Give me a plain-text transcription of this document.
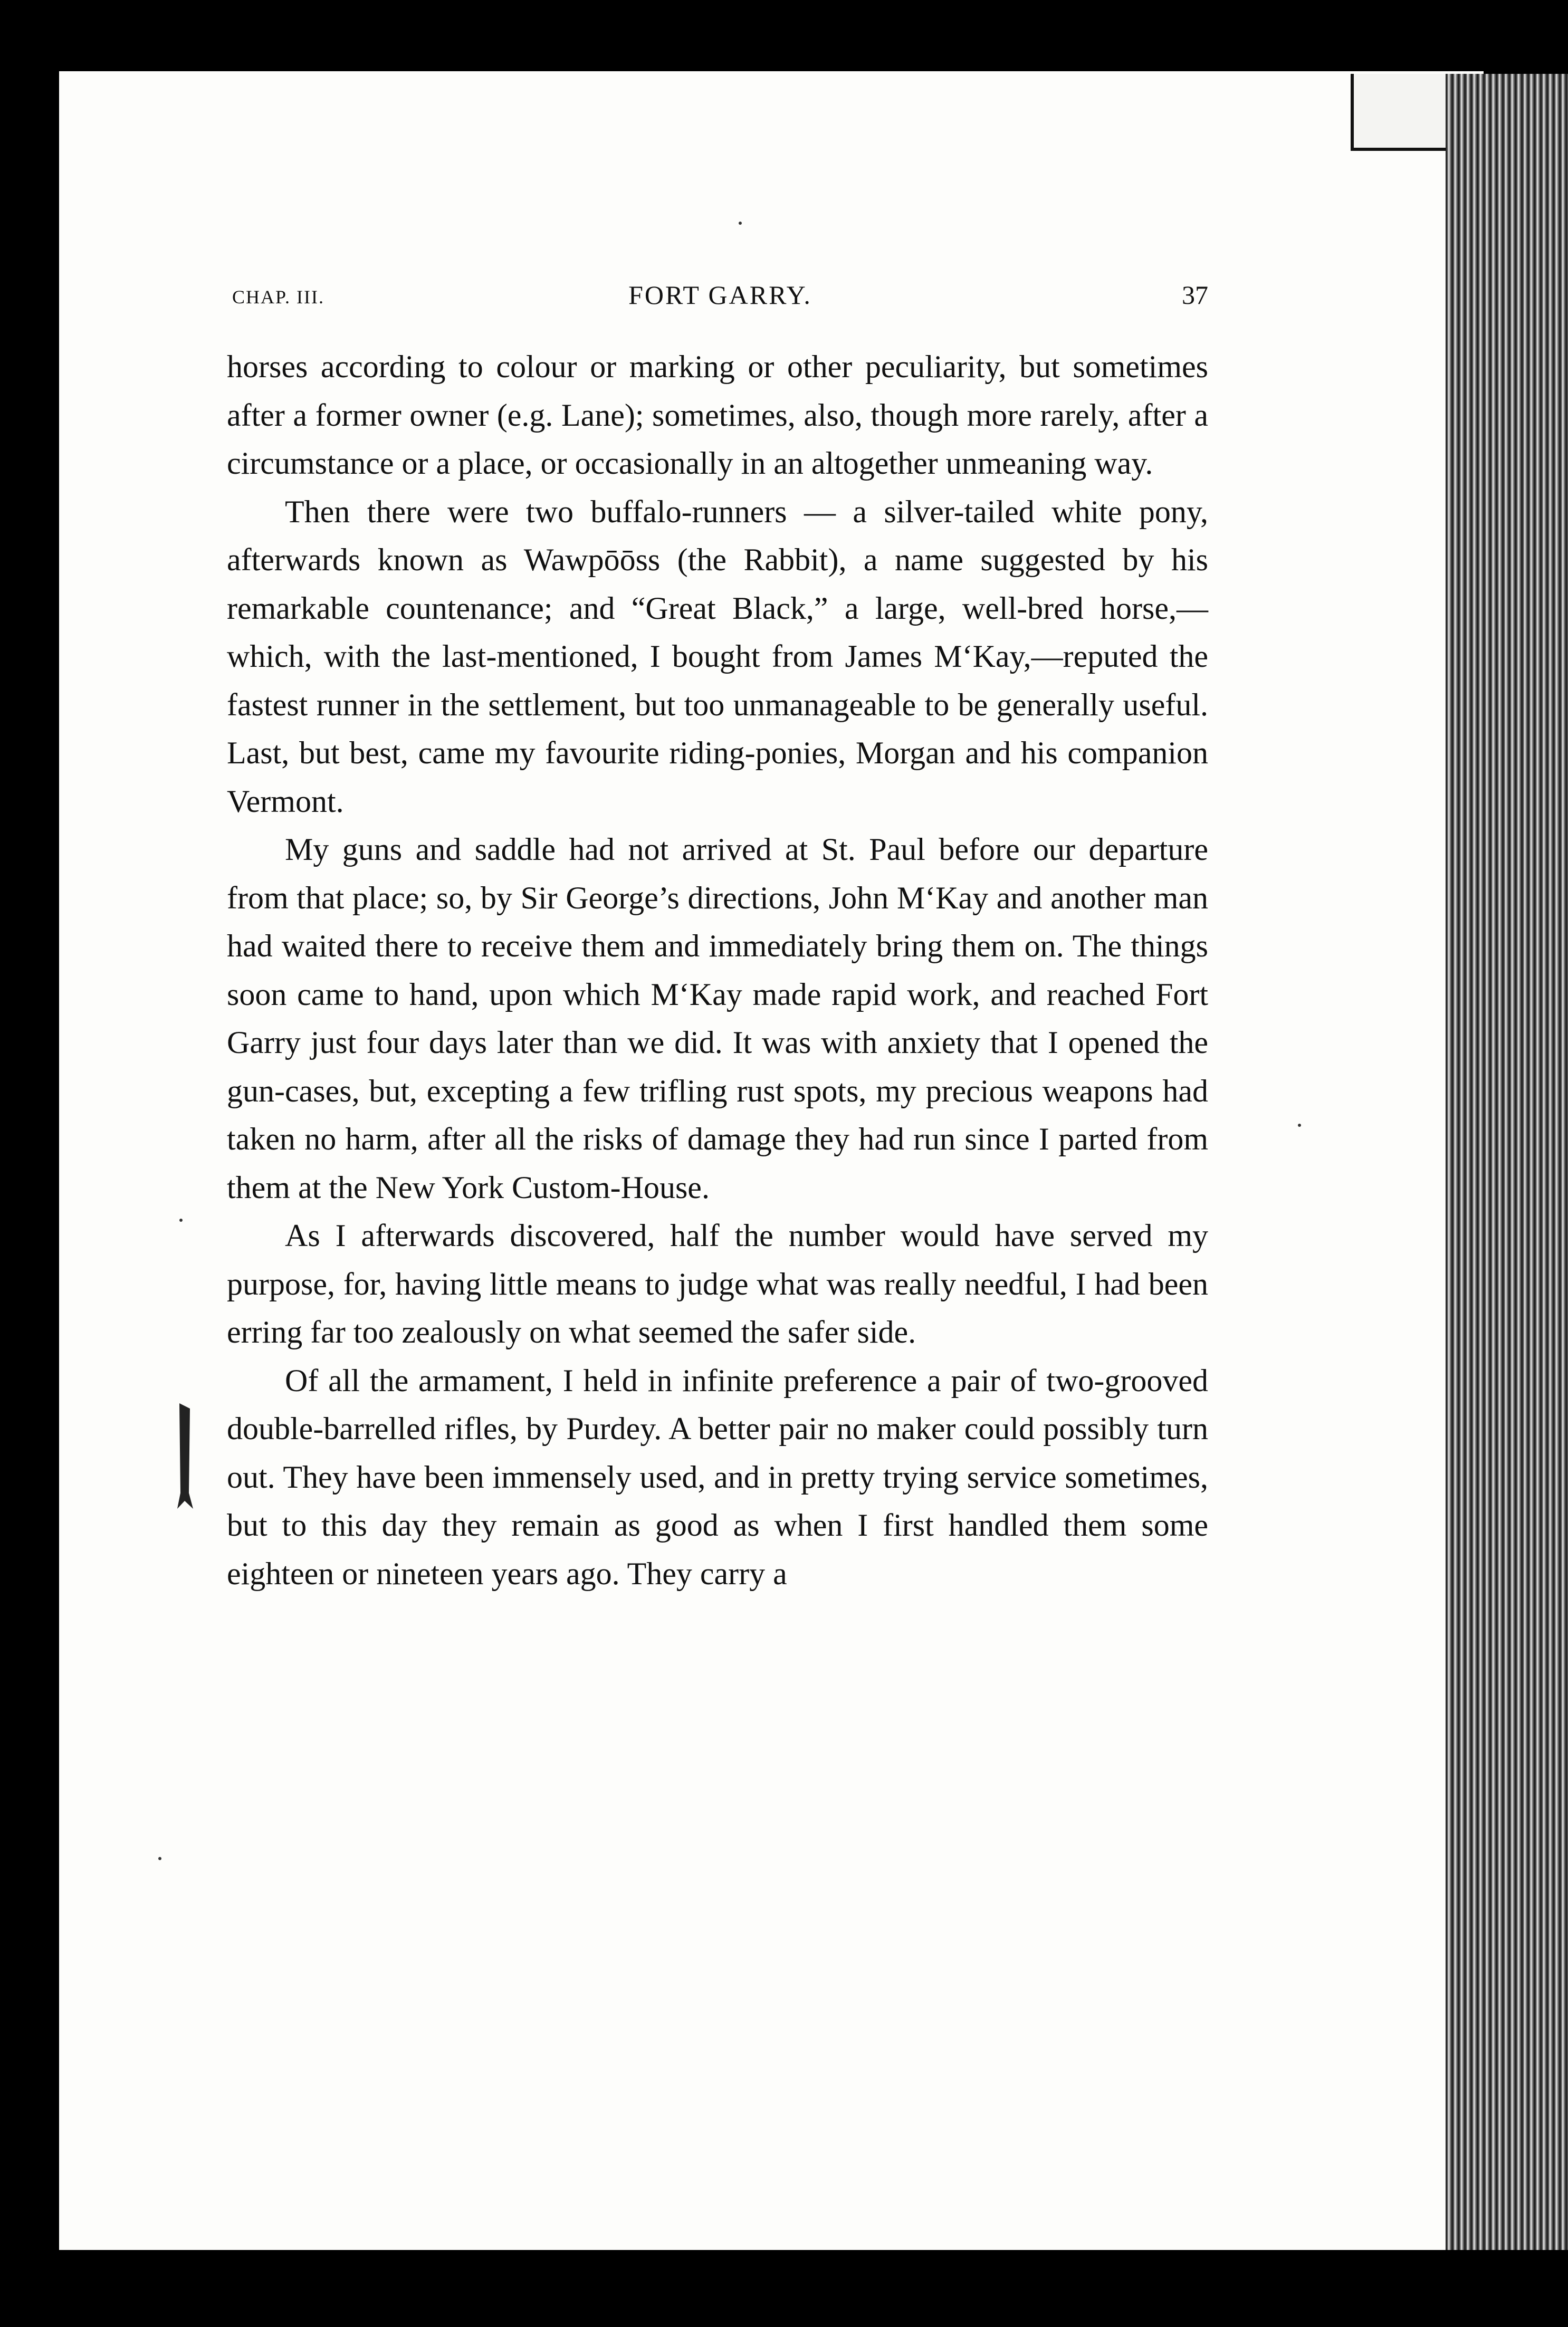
CHAP. III.	FORT GARRY.	37

horses according to colour or marking or other peculiarity, but sometimes after a former owner (e.g. Lane); sometimes, also, though more rarely, after a circumstance or a place, or occasionally in an altogether unmeaning way.

Then there were two buffalo-runners — a silver-tailed white pony, afterwards known as Wawpōōss (the Rabbit), a name suggested by his remarkable countenance; and “Great Black,” a large, well-bred horse,—which, with the last-mentioned, I bought from James M‘Kay,—reputed the fastest runner in the settlement, but too unmanageable to be generally useful. Last, but best, came my favourite riding-ponies, Morgan and his companion Vermont.

My guns and saddle had not arrived at St. Paul before our departure from that place; so, by Sir George’s directions, John M‘Kay and another man had waited there to receive them and immediately bring them on. The things soon came to hand, upon which M‘Kay made rapid work, and reached Fort Garry just four days later than we did. It was with anxiety that I opened the gun-cases, but, excepting a few trifling rust spots, my precious weapons had taken no harm, after all the risks of damage they had run since I parted from them at the New York Custom-House.

As I afterwards discovered, half the number would have served my purpose, for, having little means to judge what was really needful, I had been erring far too zealously on what seemed the safer side.

Of all the armament, I held in infinite preference a pair of two-grooved double-barrelled rifles, by Purdey. A better pair no maker could possibly turn out. They have been immensely used, and in pretty trying service sometimes, but to this day they remain as good as when I first handled them some eighteen or nineteen years ago. They carry a
